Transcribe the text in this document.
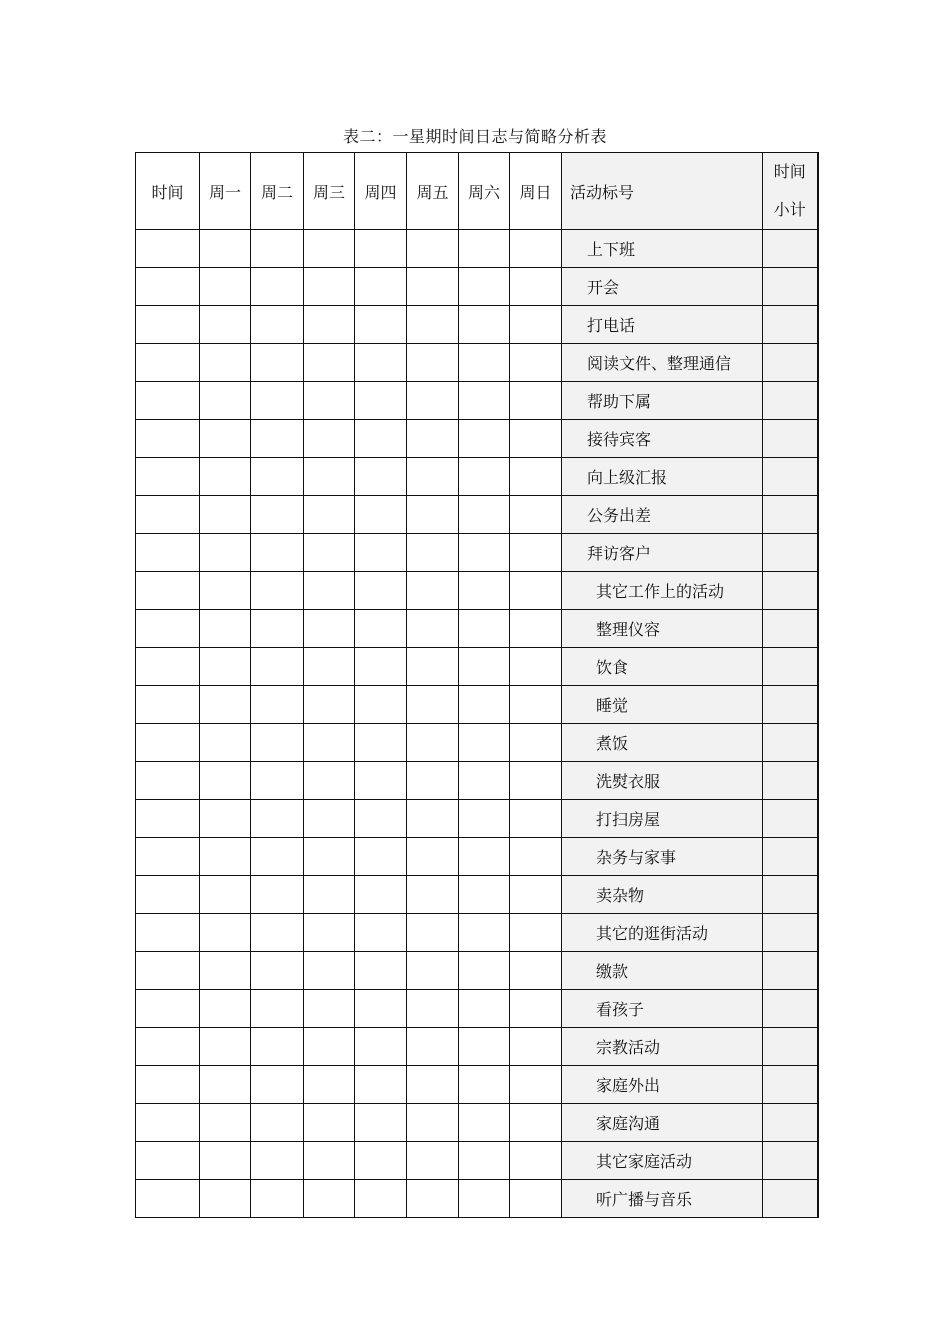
表二：一星期时间日志与简略分析表
时间	周一	周二	周三	周四	周五	周六	周日	活动标号	时间
小计

								上下班	
								开会	
								打电话	
								阅读文件、整理通信	
								帮助下属	
								接待宾客	
								向上级汇报	
								公务出差	
								拜访客户	
								其它工作上的活动	
								整理仪容	
								饮食	
								睡觉	
								煮饭	
								洗熨衣服	
								打扫房屋	
								杂务与家事	
								卖杂物	
								其它的逛街活动	
								缴款	
								看孩子	
								宗教活动	
								家庭外出	
								家庭沟通	
								其它家庭活动	
								听广播与音乐	
